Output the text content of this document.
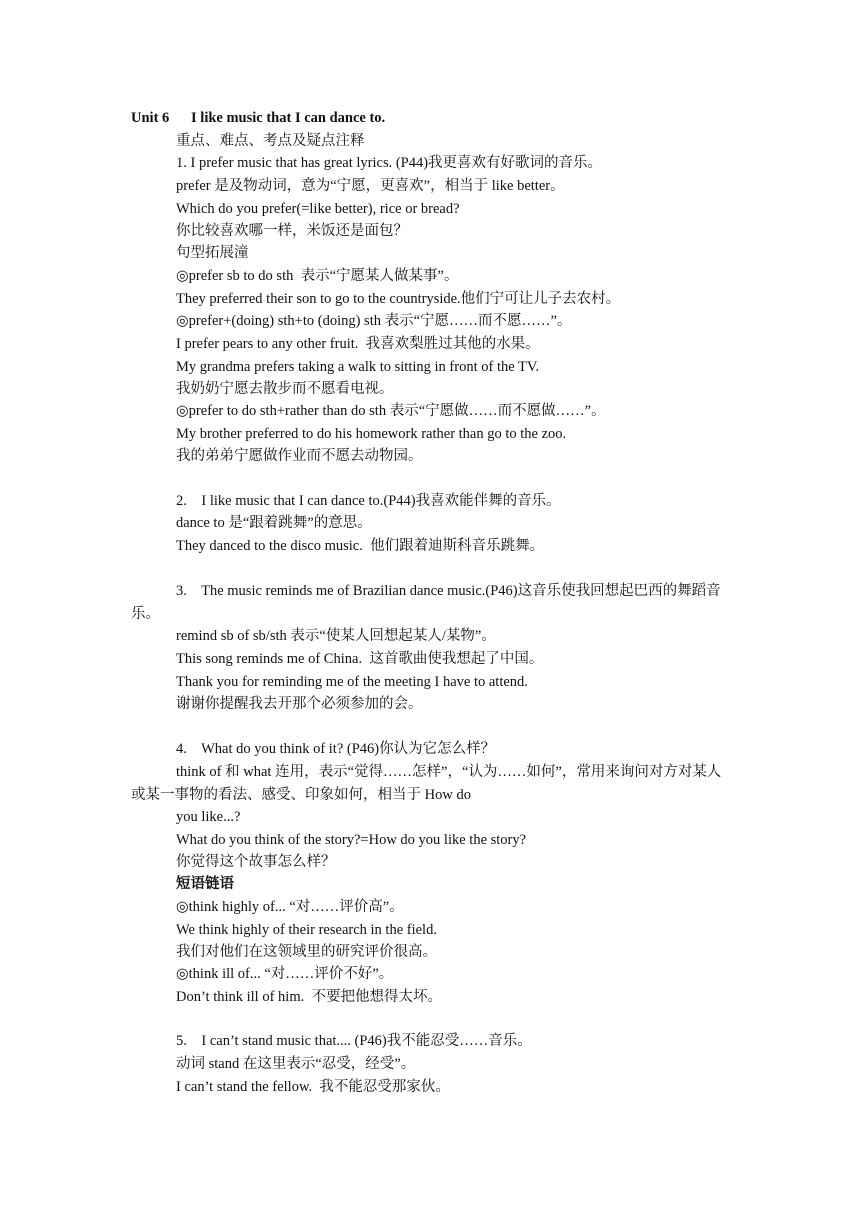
Unit 6      I like music that I can dance to.
重点、难点、考点及疑点注释
1. I prefer music that has great lyrics. (P44)我更喜欢有好歌词的音乐。
prefer 是及物动词，意为“宁愿，更喜欢”，相当于 like better。
Which do you prefer(=like better), rice or bread?
你比较喜欢哪一样，米饭还是面包？
句型拓展潼
◎prefer sb to do sth  表示“宁愿某人做某事”。
They preferred their son to go to the countryside.他们宁可让儿子去农村。
◎prefer+(doing) sth+to (doing) sth 表示“宁愿……而不愿……”。
I prefer pears to any other fruit.  我喜欢梨胜过其他的水果。
My grandma prefers taking a walk to sitting in front of the TV.
我奶奶宁愿去散步而不愿看电视。
◎prefer to do sth+rather than do sth 表示“宁愿做……而不愿做……”。
My brother preferred to do his homework rather than go to the zoo.
我的弟弟宁愿做作业而不愿去动物园。
2.    I like music that I can dance to.(P44)我喜欢能伴舞的音乐。
dance to 是“跟着跳舞”的意思。
They danced to the disco music.  他们跟着迪斯科音乐跳舞。
3.    The music reminds me of Brazilian dance music.(P46)这音乐使我回想起巴西的舞蹈音乐。
remind sb of sb/sth 表示“使某人回想起某人/某物”。
This song reminds me of China.  这首歌曲使我想起了中国。
Thank you for reminding me of the meeting I have to attend.
谢谢你提醒我去开那个必须参加的会。
4.    What do you think of it? (P46)你认为它怎么样？
think of 和 what 连用，表示“觉得……怎样”，“认为……如何”，常用来询问对方对某人或某一事物的看法、感受、印象如何，相当于 How do
you like...?
What do you think of the story?=How do you like the story?
你觉得这个故事怎么样？
短语链语
◎think highly of... “对……评价高”。
We think highly of their research in the field.
我们对他们在这领域里的研究评价很高。
◎think ill of... “对……评价不好”。
Don’t think ill of him.  不要把他想得太坏。
5.    I can’t stand music that.... (P46)我不能忍受……音乐。
动词 stand 在这里表示“忍受，经受”。
I can’t stand the fellow.  我不能忍受那家伙。
